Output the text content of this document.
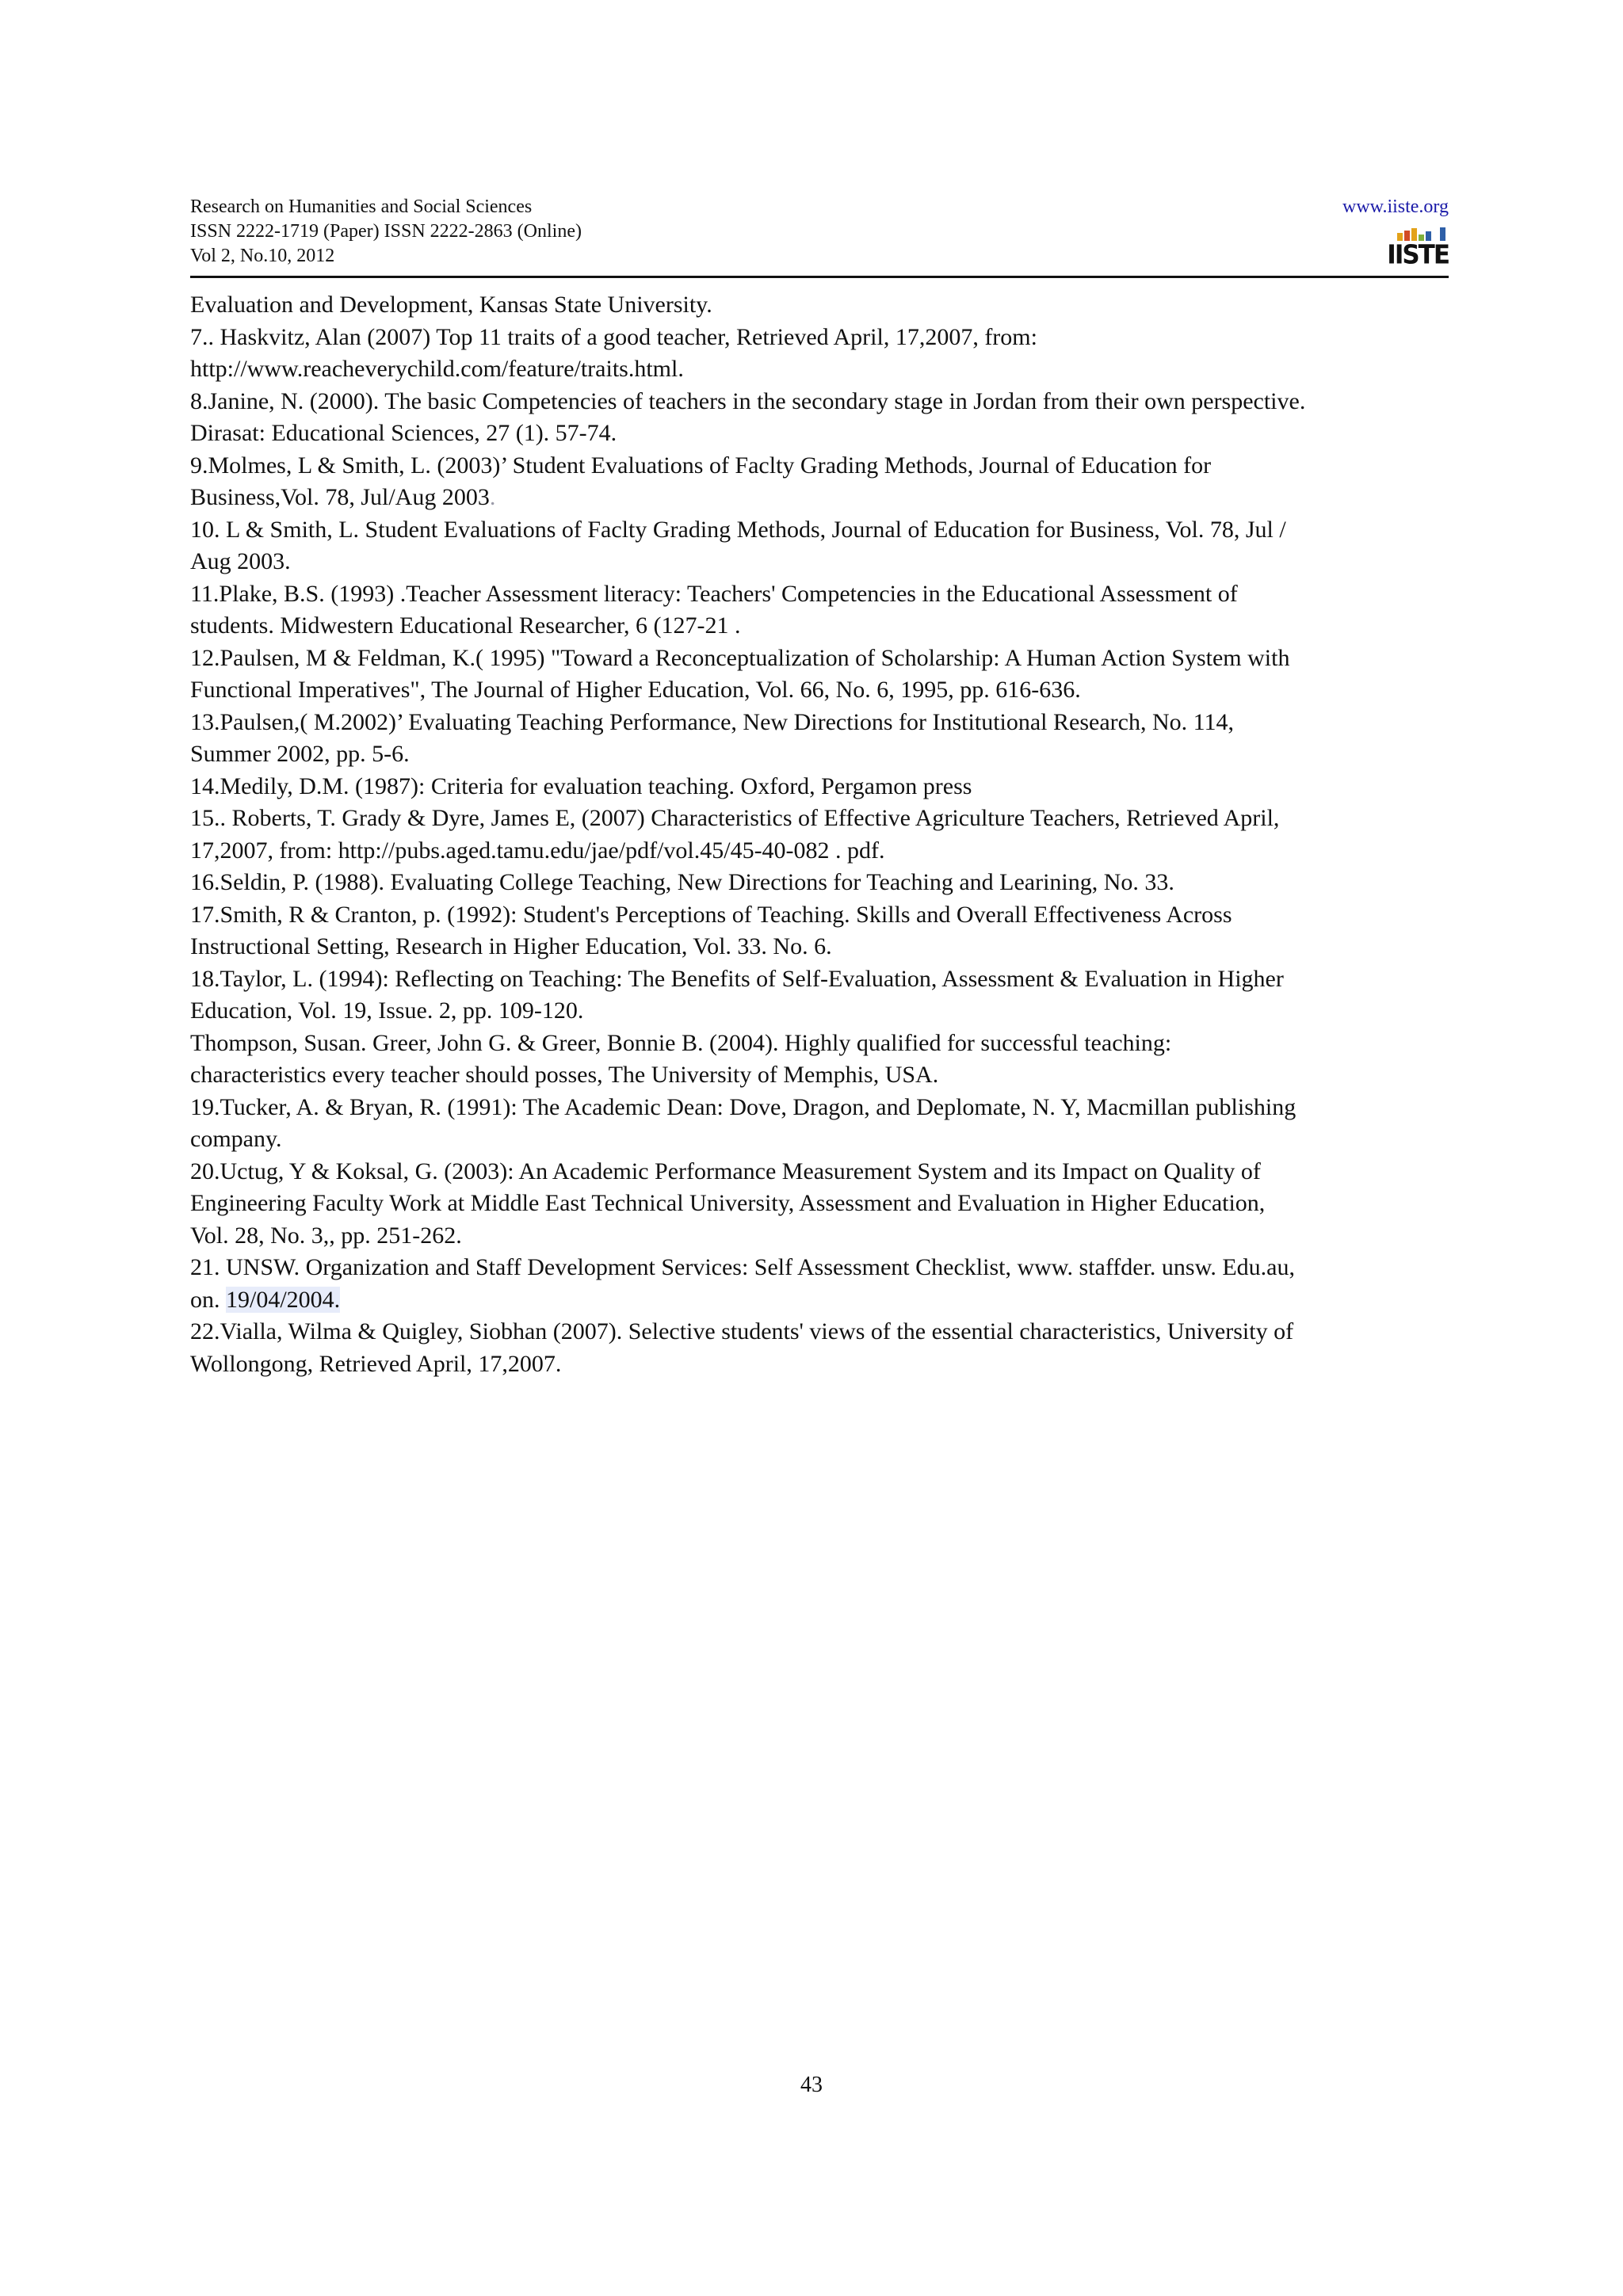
Research on Humanities and Social Sciences
ISSN 2222-1719 (Paper) ISSN 2222-2863 (Online)
Vol 2, No.10, 2012
www.iiste.org
IISTE
Evaluation and Development, Kansas State University.
7.. Haskvitz, Alan (2007) Top 11 traits of a good teacher, Retrieved April, 17,2007, from:
http://www.reacheverychild.com/feature/traits.html.
8.Janine, N. (2000). The basic Competencies of teachers in the secondary stage in Jordan from their own perspective.
Dirasat: Educational Sciences, 27 (1). 57-74.
9.Molmes, L & Smith, L. (2003)’ Student Evaluations of Faclty Grading Methods, Journal of Education for
Business,Vol. 78, Jul/Aug 2003.
10. L & Smith, L. Student Evaluations of Faclty Grading Methods, Journal of Education for Business, Vol. 78, Jul /
Aug 2003.
11.Plake, B.S. (1993) .Teacher Assessment literacy: Teachers' Competencies in the Educational Assessment of
students. Midwestern Educational Researcher, 6 (127-21 .
12.Paulsen, M & Feldman, K.( 1995) "Toward a Reconceptualization of Scholarship: A Human Action System with
Functional Imperatives", The Journal of Higher Education, Vol. 66, No. 6, 1995, pp. 616-636.
13.Paulsen,( M.2002)’ Evaluating Teaching Performance, New Directions for Institutional Research, No. 114,
Summer 2002, pp. 5-6.
14.Medily, D.M. (1987): Criteria for evaluation teaching. Oxford, Pergamon press
15.. Roberts, T. Grady & Dyre, James E, (2007) Characteristics of Effective Agriculture Teachers, Retrieved April,
17,2007, from: http://pubs.aged.tamu.edu/jae/pdf/vol.45/45-40-082 . pdf.
16.Seldin, P. (1988). Evaluating College Teaching, New Directions for Teaching and Learining, No. 33.
17.Smith, R & Cranton, p. (1992): Student's Perceptions of Teaching. Skills and Overall Effectiveness Across
Instructional Setting, Research in Higher Education, Vol. 33. No. 6.
18.Taylor, L. (1994): Reflecting on Teaching: The Benefits of Self-Evaluation, Assessment & Evaluation in Higher
Education, Vol. 19, Issue. 2, pp. 109-120.
Thompson, Susan. Greer, John G. & Greer, Bonnie B. (2004). Highly qualified for successful teaching:
characteristics every teacher should posses, The University of Memphis, USA.
19.Tucker, A. & Bryan, R. (1991): The Academic Dean: Dove, Dragon, and Deplomate, N. Y, Macmillan publishing
company.
20.Uctug, Y & Koksal, G. (2003): An Academic Performance Measurement System and its Impact on Quality of
Engineering Faculty Work at Middle East Technical University, Assessment and Evaluation in Higher Education,
Vol. 28, No. 3,, pp. 251-262.
21. UNSW. Organization and Staff Development Services: Self Assessment Checklist, www. staffder. unsw. Edu.au,
on. 19/04/2004.
22.Vialla, Wilma & Quigley, Siobhan (2007). Selective students' views of the essential characteristics, University of
Wollongong, Retrieved April, 17,2007.
43
